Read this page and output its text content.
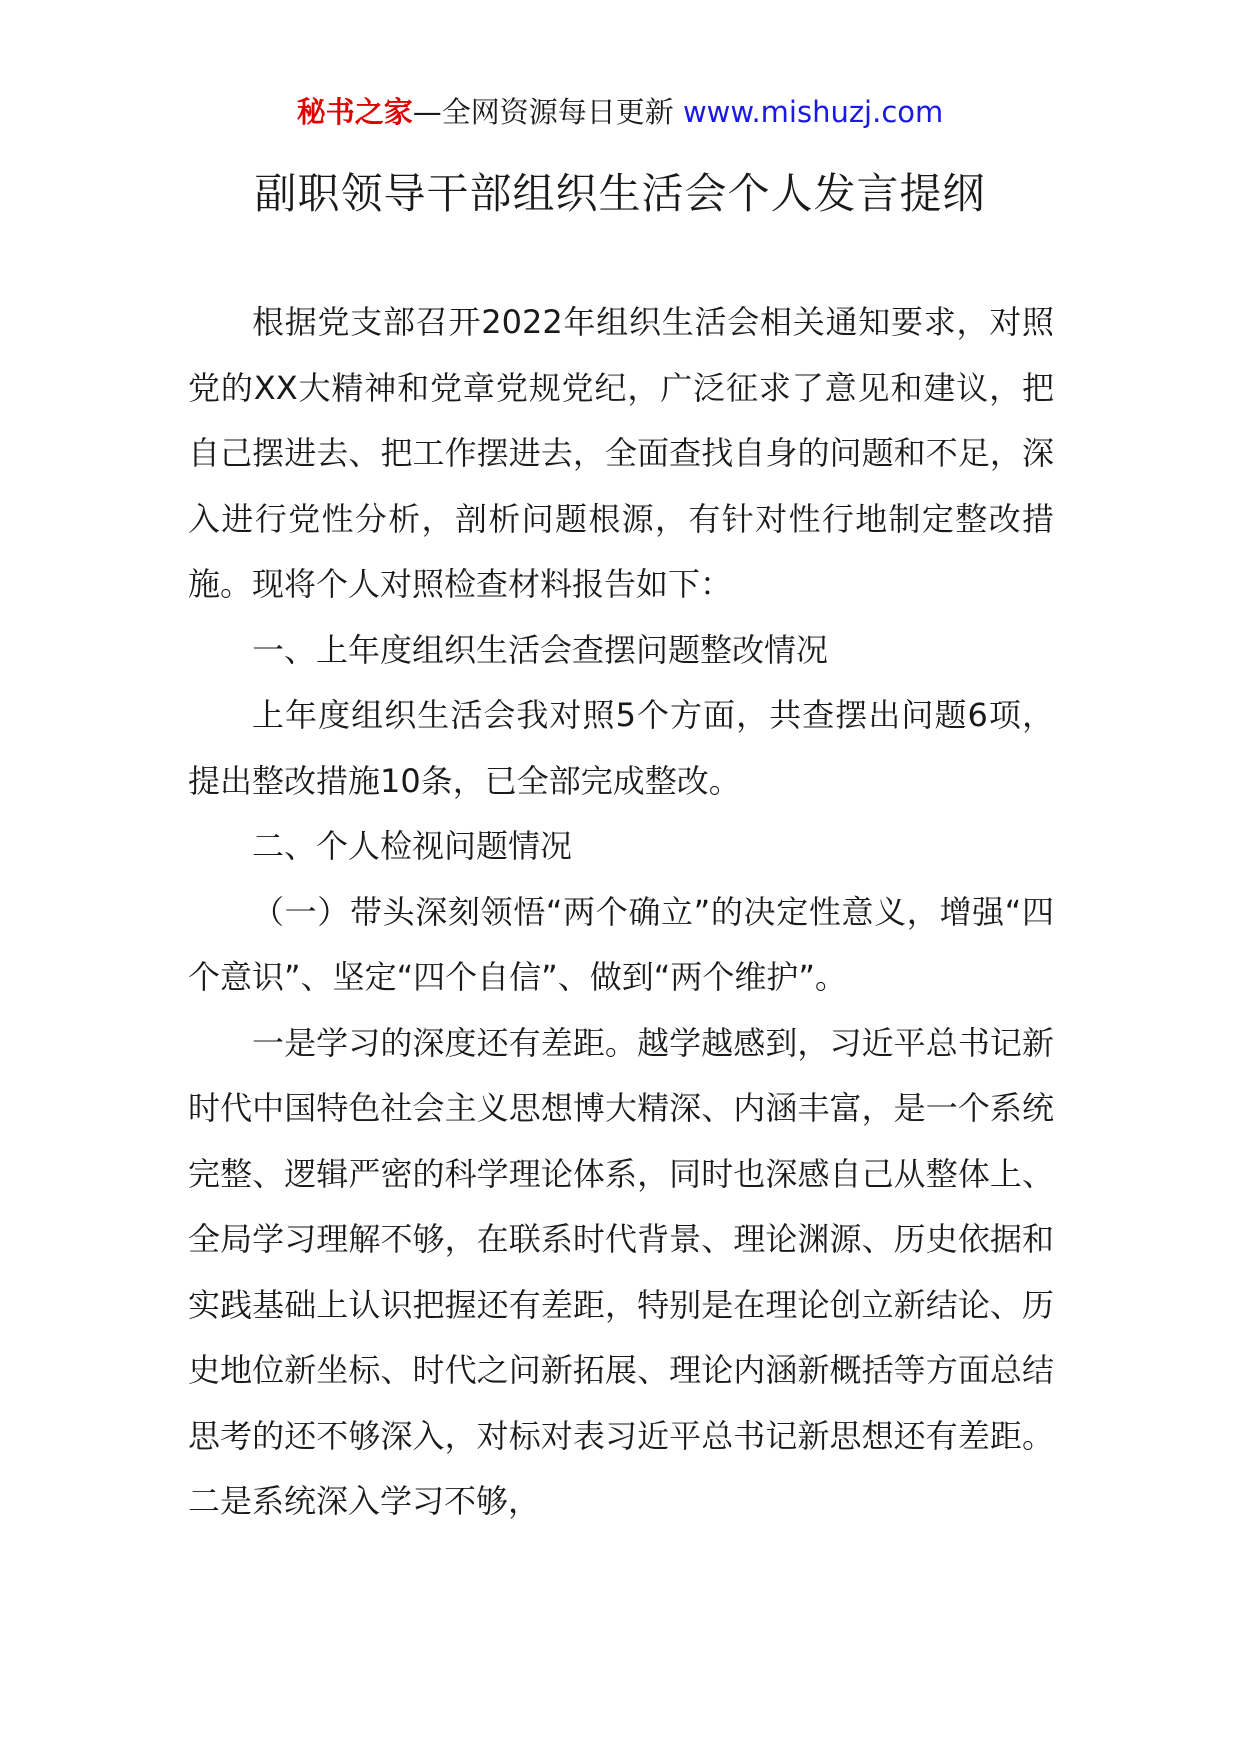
秘书之家—全网资源每日更新 www.mishuzj.com
副职领导干部组织生活会个人发言提纲

根据党支部召开2022年组织生活会相关通知要求，对照党的XX大精神和党章党规党纪，广泛征求了意见和建议，把自己摆进去、把工作摆进去，全面查找自身的问题和不足，深入进行党性分析，剖析问题根源，有针对性行地制定整改措施。现将个人对照检查材料报告如下：

一、上年度组织生活会查摆问题整改情况

上年度组织生活会我对照5个方面，共查摆出问题6项，提出整改措施10条，已全部完成整改。

二、个人检视问题情况

（一）带头深刻领悟“两个确立”的决定性意义，增强“四个意识”、坚定“四个自信”、做到“两个维护”。

一是学习的深度还有差距。越学越感到，习近平总书记新时代中国特色社会主义思想博大精深、内涵丰富，是一个系统完整、逻辑严密的科学理论体系，同时也深感自己从整体上、全局学习理解不够，在联系时代背景、理论渊源、历史依据和实践基础上认识把握还有差距，特别是在理论创立新结论、历史地位新坐标、时代之问新拓展、理论内涵新概括等方面总结思考的还不够深入，对标对表习近平总书记新思想还有差距。二是系统深入学习不够，
